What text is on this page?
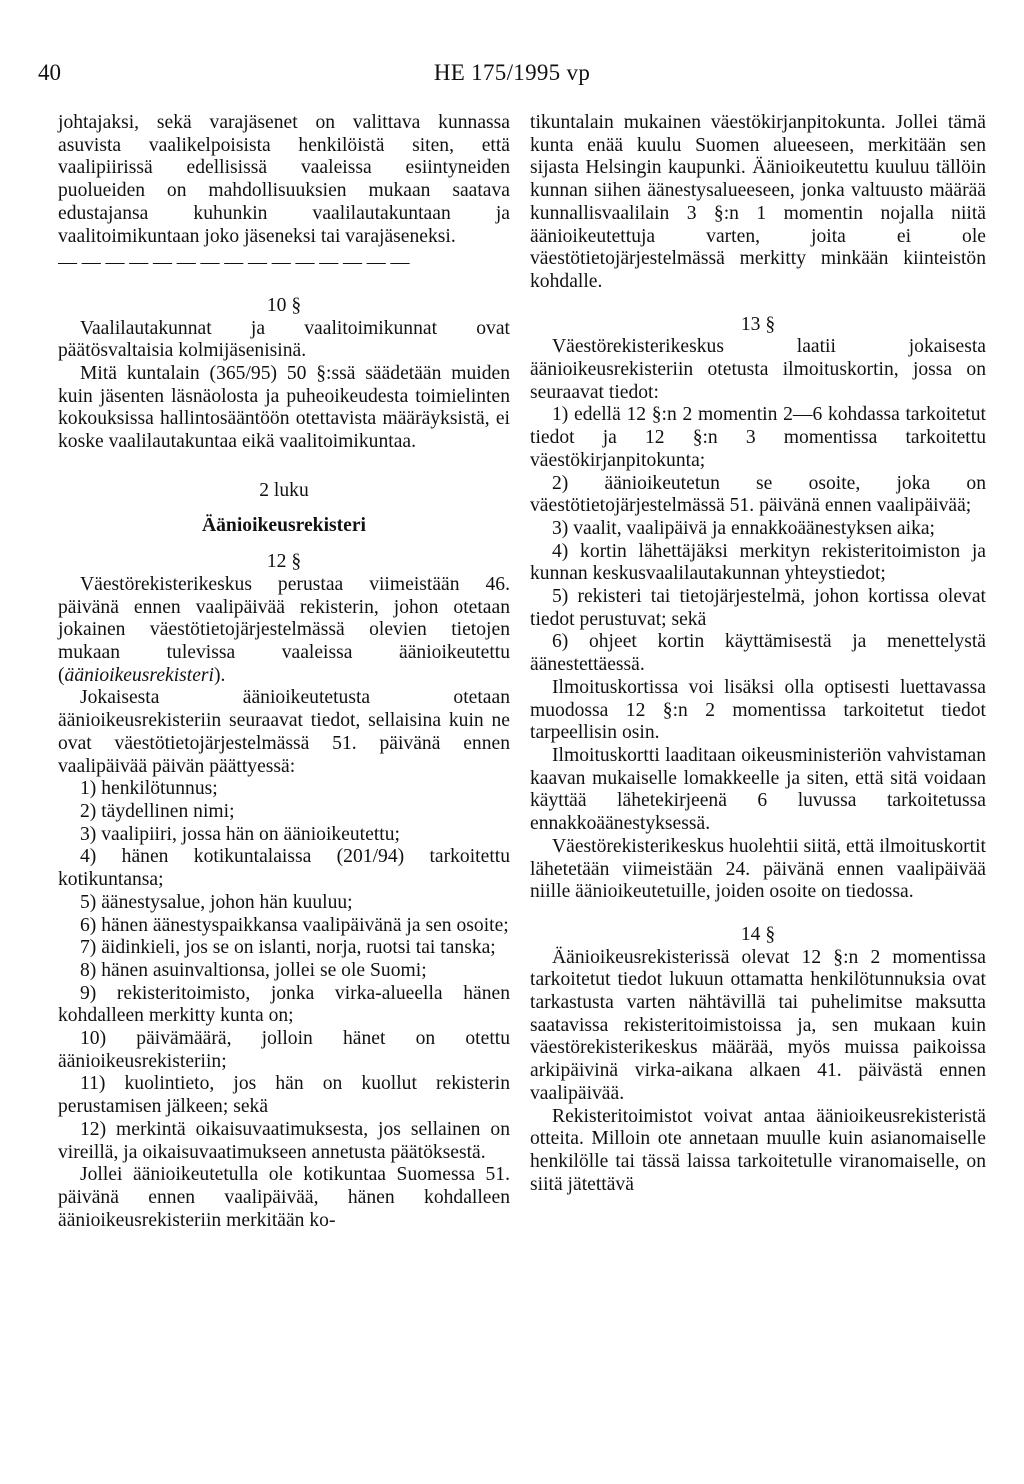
40	HE 175/1995 vp

johtajaksi, sekä varajäsenet on valittava kunnassa asuvista vaalikelpoisista henkilöistä siten, että vaalipiirissä edellisissä vaaleissa esiintyneiden puolueiden on mahdollisuuksien mukaan saatava edustajansa kuhunkin vaalilautakuntaan ja vaalitoimikuntaan joko jäseneksi tai varajäseneksi.

— — — — — — — — — — — — — — —
10 §

Vaalilautakunnat ja vaalitoimikunnat ovat päätösvaltaisia kolmijäsenisinä.

Mitä kuntalain (365/95) 50 §:ssä säädetään muiden kuin jäsenten läsnäolosta ja puheoikeudesta toimielinten kokouksissa hallintosääntöön otettavista määräyksistä, ei koske vaalilautakuntaa eikä vaalitoimikuntaa.

2 luku
Äänioikeusrekisteri
12 §

Väestörekisterikeskus perustaa viimeistään 46. päivänä ennen vaalipäivää rekisterin, johon otetaan jokainen väestötietojärjestelmässä olevien tietojen mukaan tulevissa vaaleissa äänioikeutettu (äänioikeusrekisteri).

Jokaisesta äänioikeutetusta otetaan äänioikeusrekisteriin seuraavat tiedot, sellaisina kuin ne ovat väestötietojärjestelmässä 51. päivänä ennen vaalipäivää päivän päättyessä:

1) henkilötunnus;

2) täydellinen nimi;

3) vaalipiiri, jossa hän on äänioikeutettu;

4) hänen kotikuntalaissa (201/94) tarkoitettu kotikuntansa;

5) äänestysalue, johon hän kuuluu;

6) hänen äänestyspaikkansa vaalipäivänä ja sen osoite;

7) äidinkieli, jos se on islanti, norja, ruotsi tai tanska;

8) hänen asuinvaltionsa, jollei se ole Suomi;

9) rekisteritoimisto, jonka virka-alueella hänen kohdalleen merkitty kunta on;

10) päivämäärä, jolloin hänet on otettu äänioikeusrekisteriin;

11) kuolintieto, jos hän on kuollut rekisterin perustamisen jälkeen; sekä

12) merkintä oikaisuvaatimuksesta, jos sellainen on vireillä, ja oikaisuvaatimukseen annetusta päätöksestä.

Jollei äänioikeutetulla ole kotikuntaa Suomessa 51. päivänä ennen vaalipäivää, hänen kohdalleen äänioikeusrekisteriin merkitään ko-

tikuntalain mukainen väestökirjanpitokunta. Jollei tämä kunta enää kuulu Suomen alueeseen, merkitään sen sijasta Helsingin kaupunki. Äänioikeutettu kuuluu tällöin kunnan siihen äänestysalueeseen, jonka valtuusto määrää kunnallisvaalilain 3 §:n 1 momentin nojalla niitä äänioikeutettuja varten, joita ei ole väestötietojärjestelmässä merkitty minkään kiinteistön kohdalle.

13 §

Väestörekisterikeskus laatii jokaisesta äänioikeusrekisteriin otetusta ilmoituskortin, jossa on seuraavat tiedot:

1) edellä 12 §:n 2 momentin 2—6 kohdassa tarkoitetut tiedot ja 12 §:n 3 momentissa tarkoitettu väestökirjanpitokunta;

2) äänioikeutetun se osoite, joka on väestötietojärjestelmässä 51. päivänä ennen vaalipäivää;

3) vaalit, vaalipäivä ja ennakkoäänestyksen aika;

4) kortin lähettäjäksi merkityn rekisteritoimiston ja kunnan keskusvaalilautakunnan yhteystiedot;

5) rekisteri tai tietojärjestelmä, johon kortissa olevat tiedot perustuvat; sekä

6) ohjeet kortin käyttämisestä ja menettelystä äänestettäessä.

Ilmoituskortissa voi lisäksi olla optisesti luettavassa muodossa 12 §:n 2 momentissa tarkoitetut tiedot tarpeellisin osin.

Ilmoituskortti laaditaan oikeusministeriön vahvistaman kaavan mukaiselle lomakkeelle ja siten, että sitä voidaan käyttää lähetekirjeenä 6 luvussa tarkoitetussa ennakkoäänestyksessä.

Väestörekisterikeskus huolehtii siitä, että ilmoituskortit lähetetään viimeistään 24. päivänä ennen vaalipäivää niille äänioikeutetuille, joiden osoite on tiedossa.

14 §

Äänioikeusrekisterissä olevat 12 §:n 2 momentissa tarkoitetut tiedot lukuun ottamatta henkilötunnuksia ovat tarkastusta varten nähtävillä tai puhelimitse maksutta saatavissa rekisteritoimistoissa ja, sen mukaan kuin väestörekisterikeskus määrää, myös muissa paikoissa arkipäivinä virka-aikana alkaen 41. päivästä ennen vaalipäivää.

Rekisteritoimistot voivat antaa äänioikeusrekisteristä otteita. Milloin ote annetaan muulle kuin asianomaiselle henkilölle tai tässä laissa tarkoitetulle viranomaiselle, on siitä jätettävä
